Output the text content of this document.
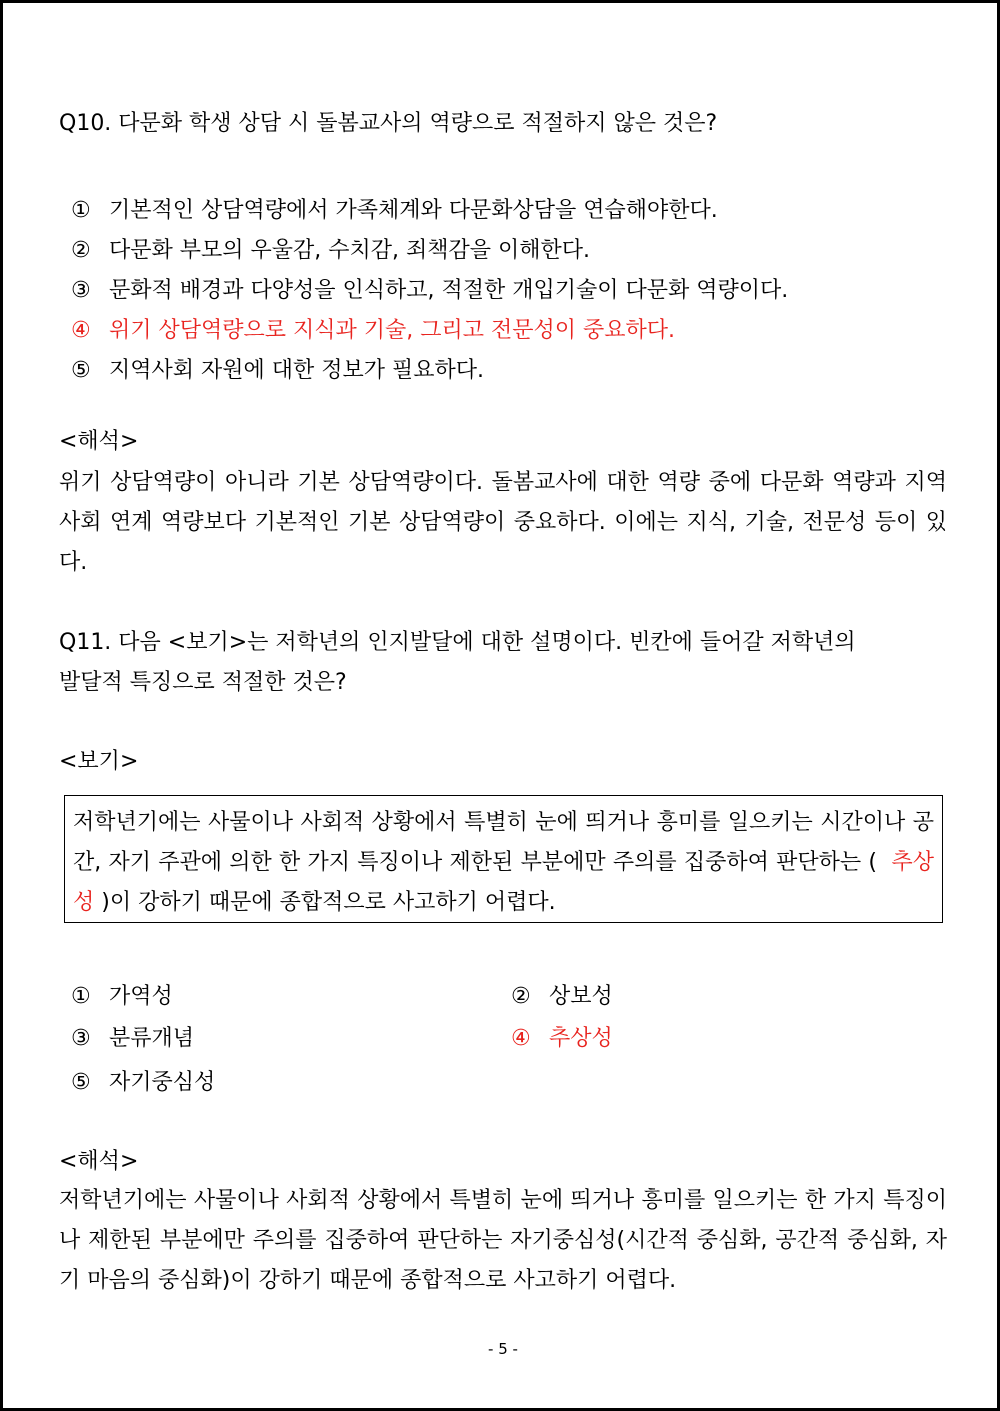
Q10. 다문화 학생 상담 시 돌봄교사의 역량으로 적절하지 않은 것은?
① 기본적인 상담역량에서 가족체계와 다문화상담을 연습해야한다.
② 다문화 부모의 우울감, 수치감, 죄책감을 이해한다.
③ 문화적 배경과 다양성을 인식하고, 적절한 개입기술이 다문화 역량이다.
④ 위기 상담역량으로 지식과 기술, 그리고 전문성이 중요하다.
⑤ 지역사회 자원에 대한 정보가 필요하다.
<해석>
위기 상담역량이 아니라 기본 상담역량이다. 돌봄교사에 대한 역량 중에 다문화 역량과 지역사회 연계 역량보다 기본적인 기본 상담역량이 중요하다. 이에는 지식, 기술, 전문성 등이 있다.
Q11. 다음 <보기>는 저학년의 인지발달에 대한 설명이다. 빈칸에 들어갈 저학년의
발달적 특징으로 적절한 것은?
<보기>
저학년기에는 사물이나 사회적 상황에서 특별히 눈에 띄거나 흥미를 일으키는 시간이나 공간, 자기 주관에 의한 한 가지 특징이나 제한된 부분에만 주의를 집중하여 판단하는 ( 추상성 )이 강하기 때문에 종합적으로 사고하기 어렵다.
① 가역성	② 상보성
③ 분류개념	④ 추상성
⑤ 자기중심성
<해석>
저학년기에는 사물이나 사회적 상황에서 특별히 눈에 띄거나 흥미를 일으키는 한 가지 특징이나 제한된 부분에만 주의를 집중하여 판단하는 자기중심성(시간적 중심화, 공간적 중심화, 자기 마음의 중심화)이 강하기 때문에 종합적으로 사고하기 어렵다.
- 5 -
